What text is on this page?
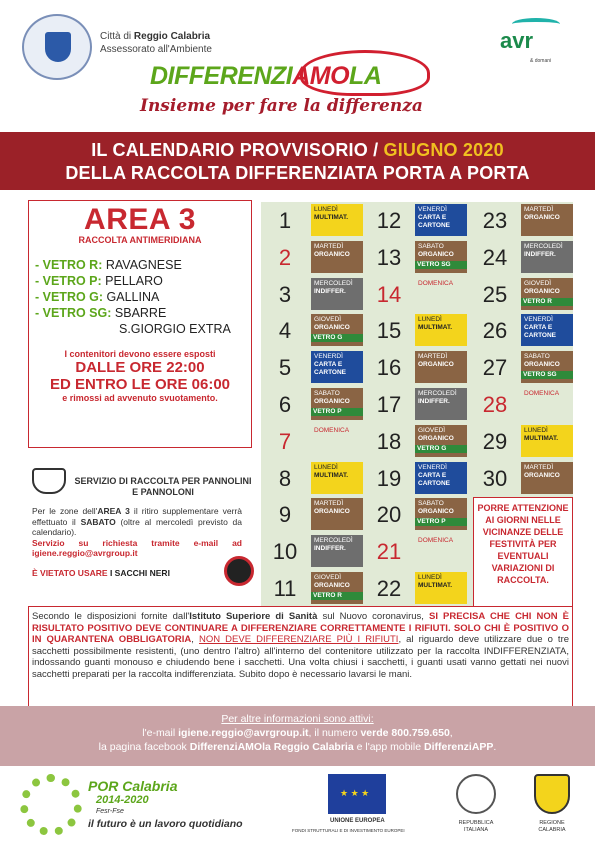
Città di Reggio Calabria
Assessorato all'Ambiente	avr
& domani
DIFFERENZIAMOLA
Insieme per fare la differenza
IL CALENDARIO PROVVISORIO / GIUGNO 2020
DELLA RACCOLTA DIFFERENZIATA PORTA A PORTA
AREA 3
RACCOLTA ANTIMERIDIANA
- VETRO R: RAVAGNESE
- VETRO P: PELLARO
- VETRO G: GALLINA
- VETRO SG: SBARRE
S.GIORGIO EXTRA
I contenitori devono essere esposti
DALLE ORE 22:00
ED ENTRO LE ORE 06:00
e rimossi ad avvenuto svuotamento.
SERVIZIO DI RACCOLTA PER PANNOLINI E PANNOLONI
Per le zone dell'AREA 3 il ritiro supplementare verrà effettuato il SABATO (oltre al mercoledì previsto da calendario).
Servizio su richiesta tramite e-mail ad igiene.reggio@avrgroup.it
È VIETATO USARE I SACCHI NERI
1	LUNEDÌ
MULTIMAT.
2	MARTEDÌ
ORGANICO
3	MERCOLEDÌ
INDIFFER.
4	GIOVEDÌ
ORGANICO
VETRO G
5	VENERDÌ
CARTA E CARTONE
6	SABATO
ORGANICO
VETRO P
7	DOMENICA
8	LUNEDÌ
MULTIMAT.
9	MARTEDÌ
ORGANICO
10	MERCOLEDÌ
INDIFFER.
11	GIOVEDÌ
ORGANICO
VETRO R
12	VENERDÌ
CARTA E CARTONE
13	SABATO
ORGANICO
VETRO SG
14	DOMENICA
15	LUNEDÌ
MULTIMAT.
16	MARTEDÌ
ORGANICO
17	MERCOLEDÌ
INDIFFER.
18	GIOVEDÌ
ORGANICO
VETRO G
19	VENERDÌ
CARTA E CARTONE
20	SABATO
ORGANICO
VETRO P
21	DOMENICA
22	LUNEDÌ
MULTIMAT.
23	MARTEDÌ
ORGANICO
24	MERCOLEDÌ
INDIFFER.
25	GIOVEDÌ
ORGANICO
VETRO R
26	VENERDÌ
CARTA E CARTONE
27	SABATO
ORGANICO
VETRO SG
28	DOMENICA
29	LUNEDÌ
MULTIMAT.
30	MARTEDÌ
ORGANICO
PORRE ATTENZIONE AI GIORNI NELLE VICINANZE DELLE FESTIVITÀ PER EVENTUALI VARIAZIONI DI RACCOLTA.
Secondo le disposizioni fornite dall'Istituto Superiore di Sanità sul Nuovo coronavirus, SI PRECISA CHE CHI NON È RISULTATO POSITIVO DEVE CONTINUARE A DIFFERENZIARE CORRETTAMENTE I RIFIUTI. SOLO CHI È POSITIVO O IN QUARANTENA OBBLIGATORIA, NON DEVE DIFFERENZIARE PIÙ I RIFIUTI, al riguardo deve utilizzare due o tre sacchetti possibilmente resistenti, (uno dentro l'altro) all'interno del contenitore utilizzato per la raccolta INDIFFERENZIATA, indossando guanti monouso e chiudendo bene i sacchetti. Una volta chiusi i sacchetti, i guanti usati vanno gettati nei nuovi sacchetti preparati per la raccolta indifferenziata. Subito dopo è necessario lavarsi le mani.
Per altre informazioni sono attivi:
l'e-mail igiene.reggio@avrgroup.it, il numero verde 800.759.650,
la pagina facebook DifferenziAMOla Reggio Calabria e l'app mobile DifferenziAPP.
POR Calabria
2014-2020
Fesr-Fse
il futuro è un lavoro quotidiano
★ ★ ★	UNIONE EUROPEA
FONDI STRUTTURALI E DI INVESTIMENTO EUROPEI
REPUBBLICA ITALIANA
REGIONE CALABRIA
